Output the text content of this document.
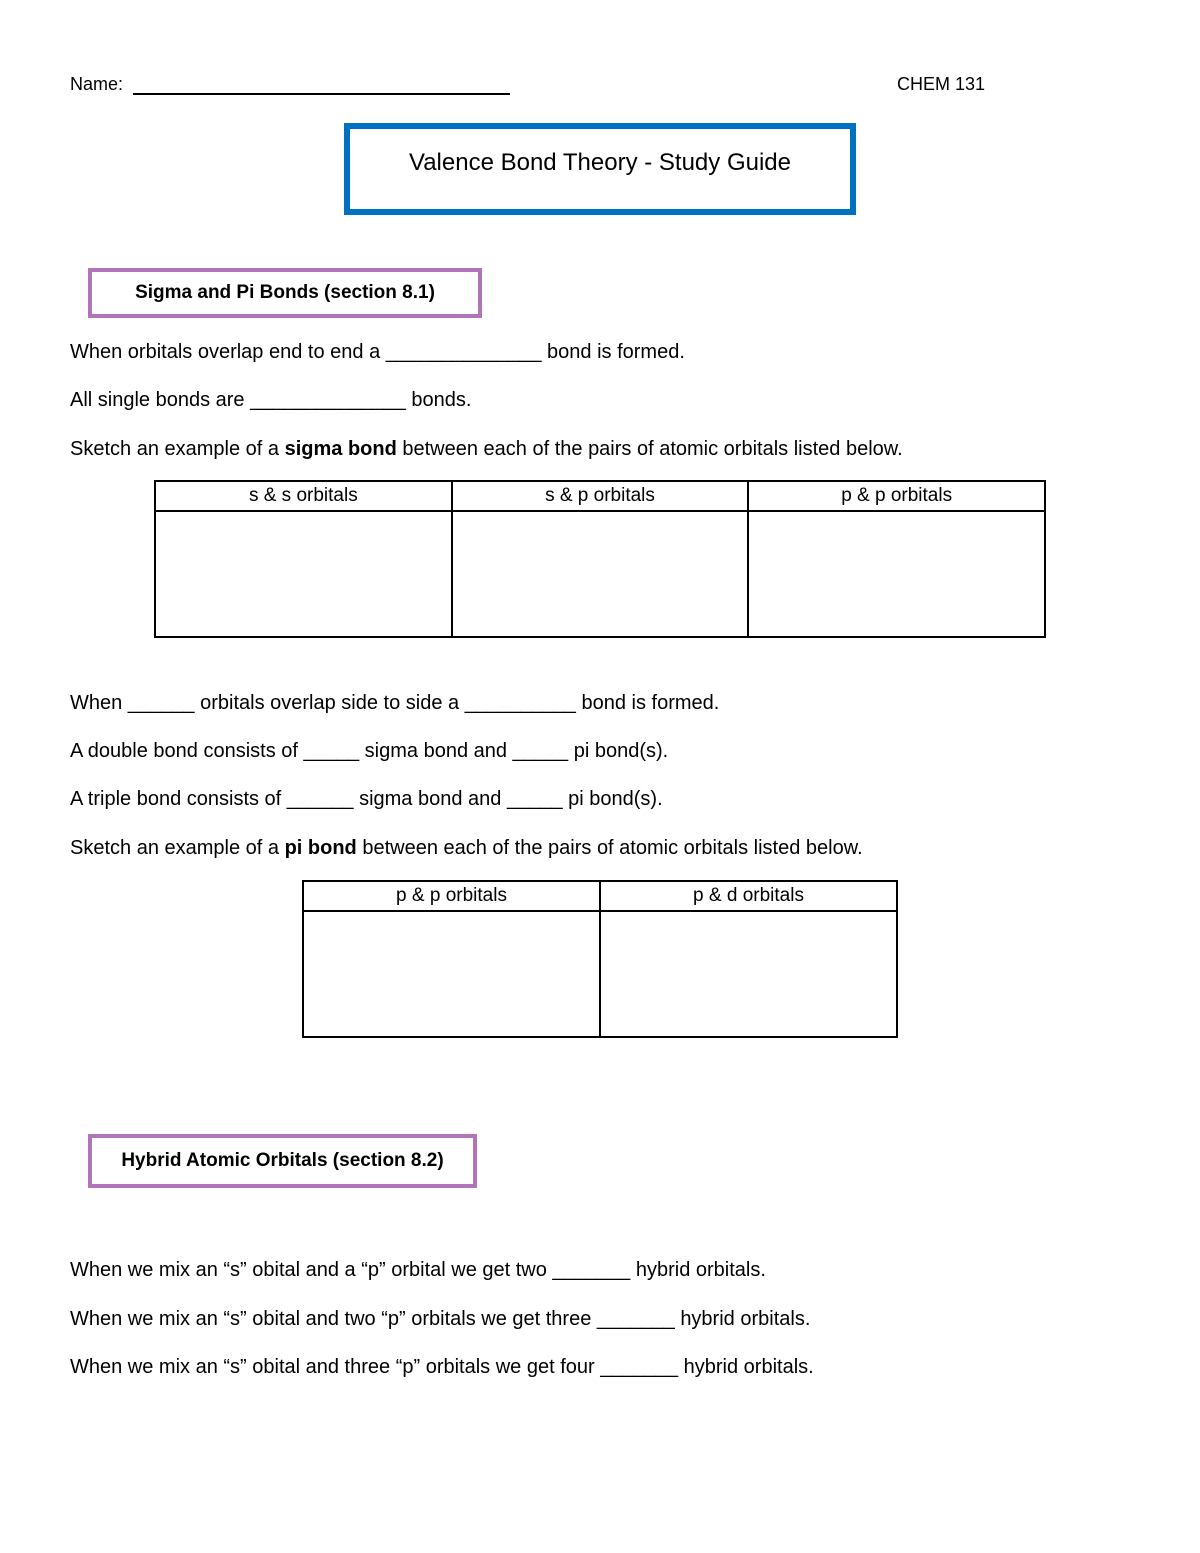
Name:	CHEM 131
Valence Bond Theory - Study Guide
Sigma and Pi Bonds (section 8.1)
When orbitals overlap end to end a ______________ bond is formed.
All single bonds are ______________ bonds.
Sketch an example of a sigma bond between each of the pairs of atomic orbitals listed below.
s & s orbitals	s & p orbitals	p & p orbitals

When ______ orbitals overlap side to side a __________ bond is formed.
A double bond consists of _____ sigma bond and _____ pi bond(s).
A triple bond consists of ______ sigma bond and _____ pi bond(s).
Sketch an example of a pi bond between each of the pairs of atomic orbitals listed below.
p & p orbitals	p & d orbitals

Hybrid Atomic Orbitals (section 8.2)
When we mix an “s” obital and a “p” orbital we get two _______ hybrid orbitals.
When we mix an “s” obital and two “p” orbitals we get three _______ hybrid orbitals.
When we mix an “s” obital and three “p” orbitals we get four _______ hybrid orbitals.
